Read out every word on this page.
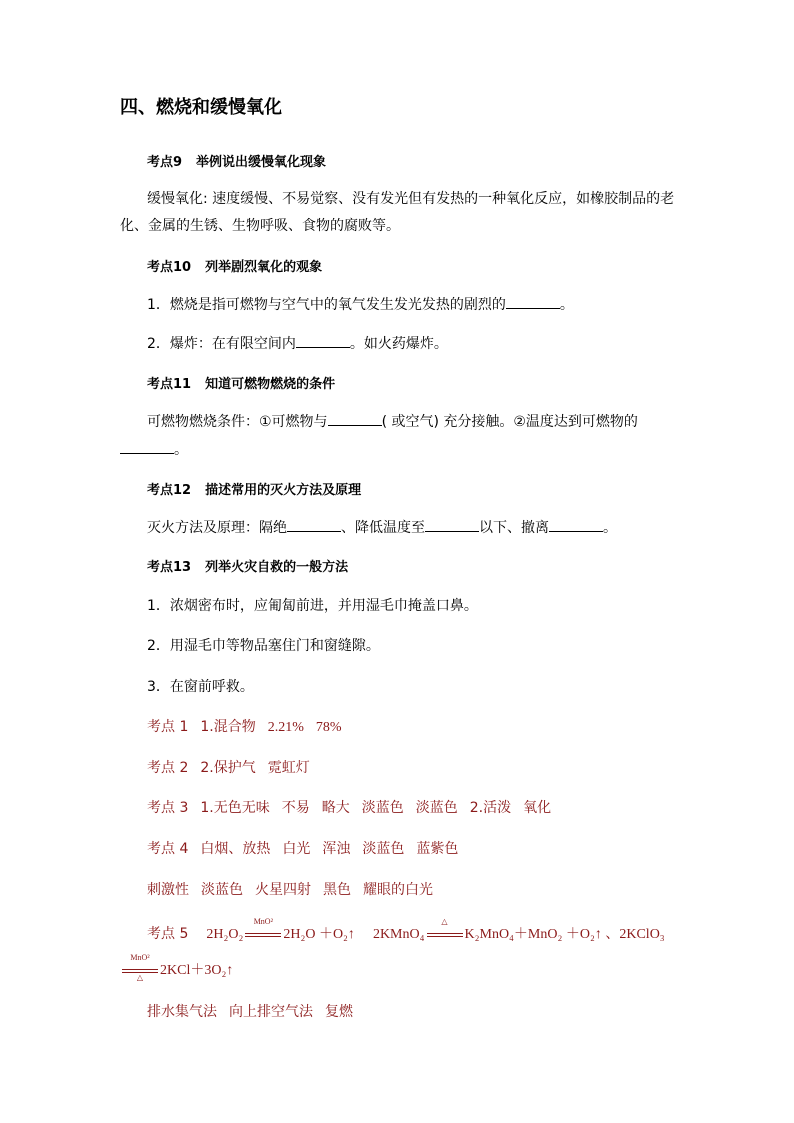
四、燃烧和缓慢氧化
考点9 举例说出缓慢氧化现象
缓慢氧化: 速度缓慢、不易觉察、没有发光但有发热的一种氧化反应，如橡胶制品的老
化、金属的生锈、生物呼吸、食物的腐败等。
考点10 列举剧烈氧化的观象
1．燃烧是指可燃物与空气中的氧气发生发光发热的剧烈的	。
2．爆炸：在有限空间内	。如火药爆炸。
考点11 知道可燃物燃烧的条件
可燃物燃烧条件：①可燃物与	( 或空气) 充分接触。②温度达到可燃物的
。
考点12 描述常用的灭火方法及原理
灭火方法及原理：隔绝	、降低温度至	以下、撤离	。
考点13 列举火灾自救的一般方法
1．浓烟密布时，应匍匐前进，并用湿毛巾掩盖口鼻。
2．用湿毛巾等物品塞住门和窗缝隙。
3．在窗前呼救。
考点 1 1.混合物 2.21% 78%
考点 2 2.保护气 霓虹灯
考点 3 1.无色无味 不易 略大 淡蓝色 淡蓝色 2.活泼 氧化
考点 4 白烟、放热 白光 浑浊 淡蓝色 蓝紫色
刺激性 淡蓝色 火星四射 黑色 耀眼的白光
考点 5 2H₂O₂
MnO²
2H₂O ＋O₂↑ 2KMnO₄
△
K₂MnO₄＋MnO₂ ＋O₂↑ 、2KClO₃
MnO²
△	2KCl＋3O₂↑
排水集气法 向上排空气法 复燃
